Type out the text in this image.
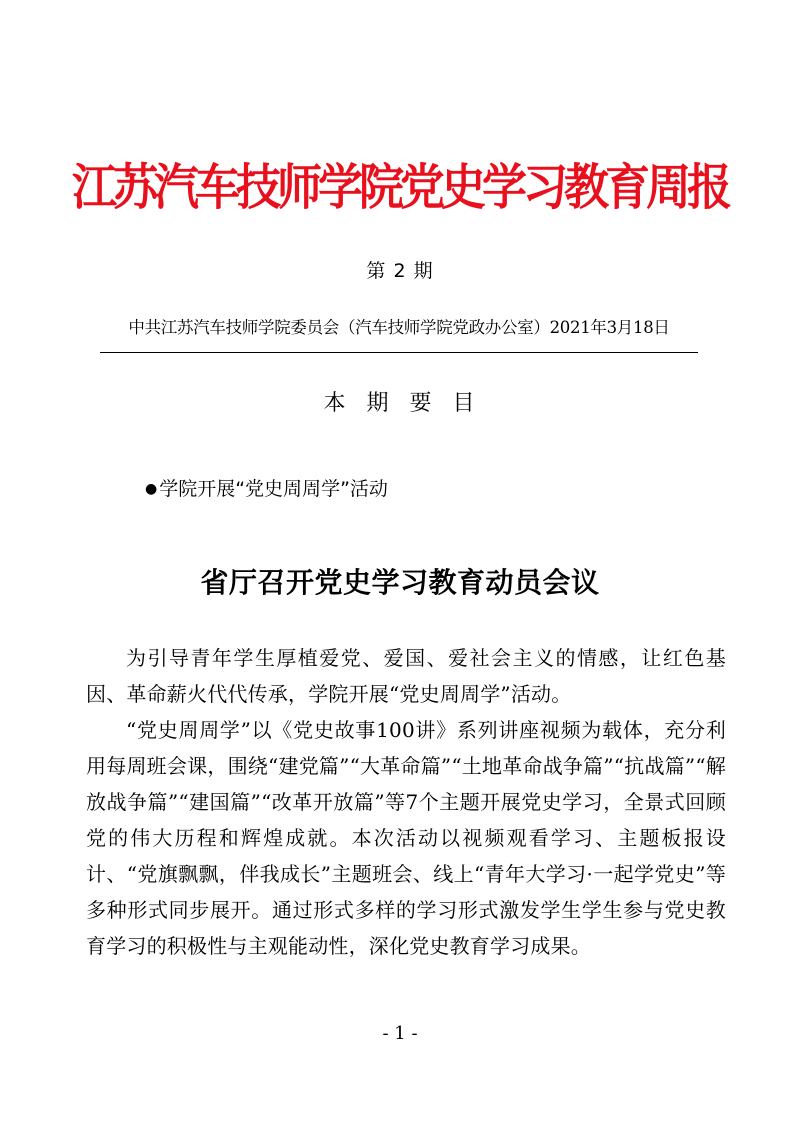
江苏汽车技师学院党史学习教育周报
第 2 期
中共江苏汽车技师学院委员会（汽车技师学院党政办公室）2021年3月18日
本 期 要 目
● 学院开展“党史周周学”活动
省厅召开党史学习教育动员会议

为引导青年学生厚植爱党、爱国、爱社会主义的情感，让红色基因、革命薪火代代传承，学院开展“党史周周学”活动。

“党史周周学”以《党史故事100讲》系列讲座视频为载体，充分利用每周班会课，围绕“建党篇”“大革命篇”“土地革命战争篇”“抗战篇”“解放战争篇”“建国篇”“改革开放篇”等7个主题开展党史学习，全景式回顾党的伟大历程和辉煌成就。本次活动以视频观看学习、主题板报设计、“党旗飘飘，伴我成长”主题班会、线上“青年大学习·一起学党史”等多种形式同步展开。通过形式多样的学习形式激发学生学生参与党史教育学习的积极性与主观能动性，深化党史教育学习成果。

- 1 -
